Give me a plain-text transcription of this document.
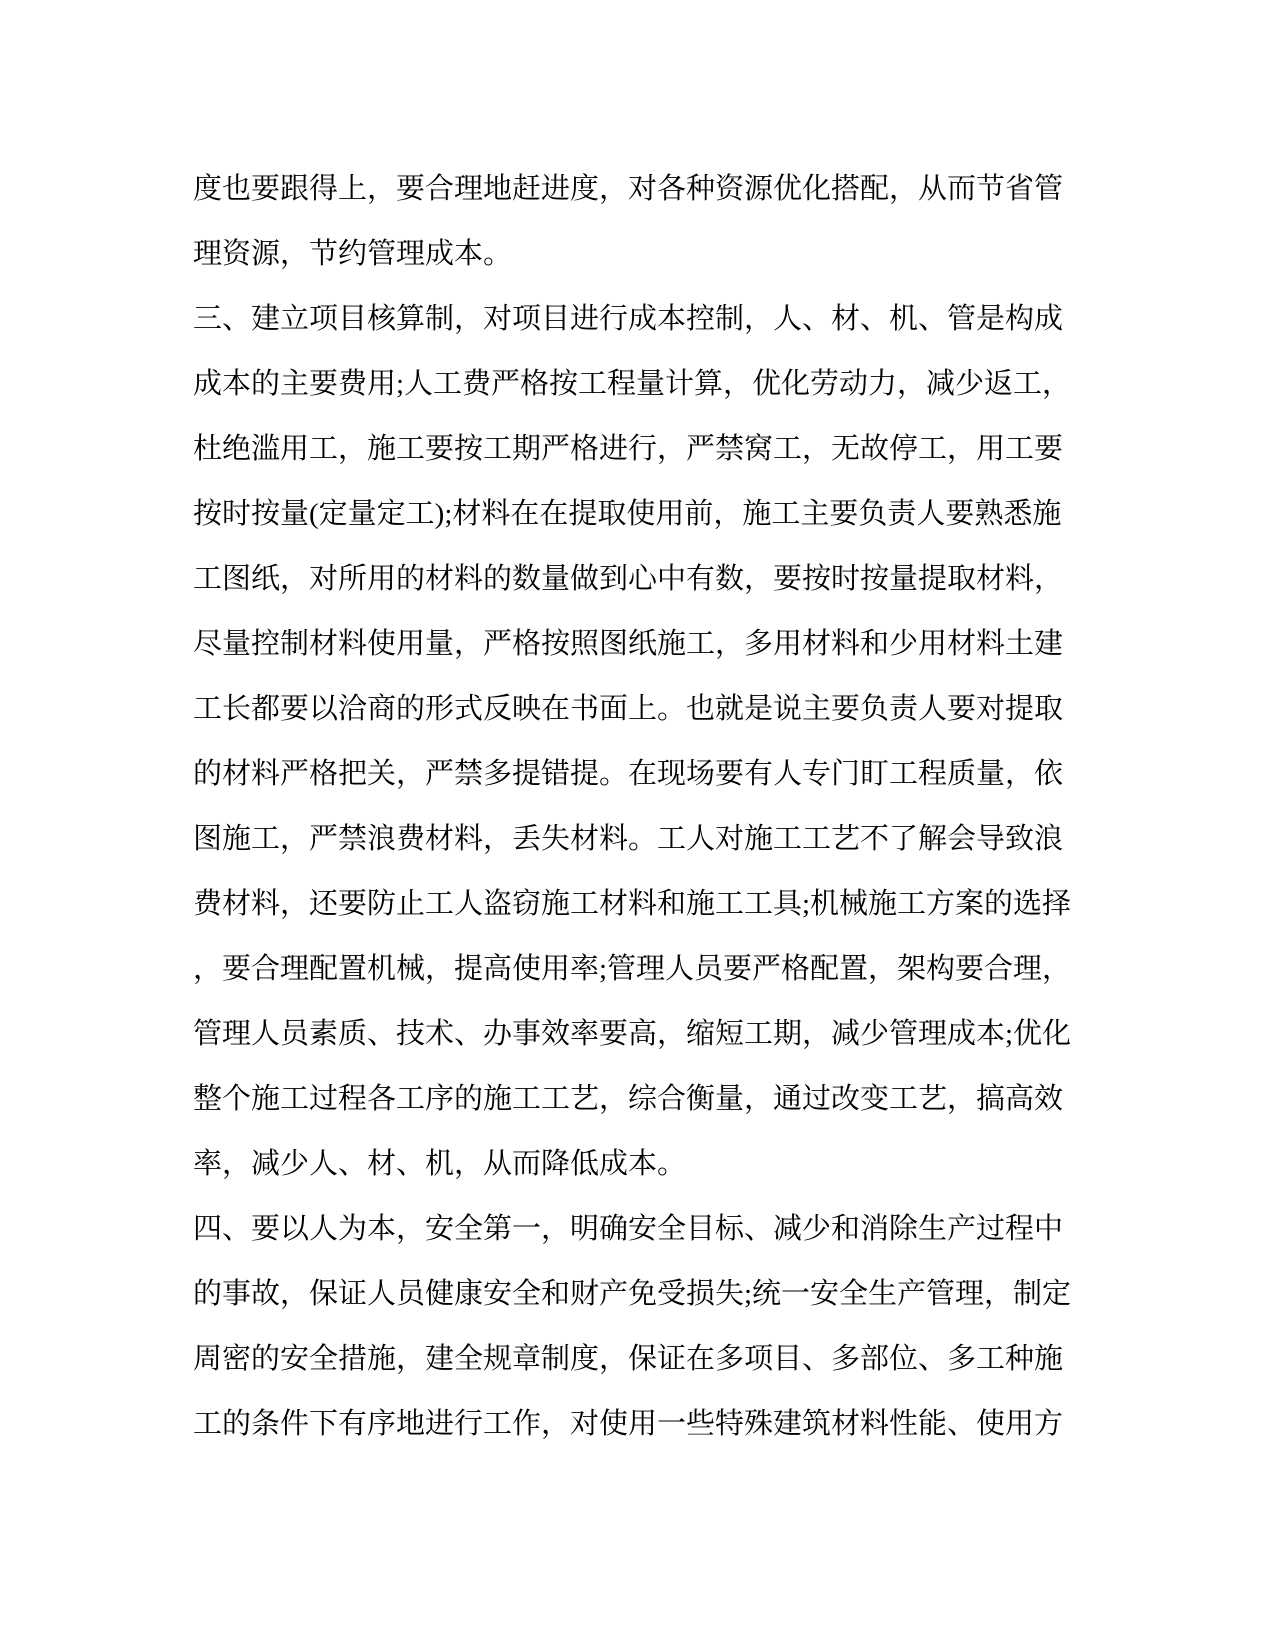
度也要跟得上，要合理地赶进度，对各种资源优化搭配，从而节省管
理资源，节约管理成本。
三、建立项目核算制，对项目进行成本控制，人、材、机、管是构成
成本的主要费用;人工费严格按工程量计算，优化劳动力，减少返工，
杜绝滥用工，施工要按工期严格进行，严禁窝工，无故停工，用工要
按时按量(定量定工);材料在在提取使用前，施工主要负责人要熟悉施
工图纸，对所用的材料的数量做到心中有数，要按时按量提取材料，
尽量控制材料使用量，严格按照图纸施工，多用材料和少用材料土建
工长都要以洽商的形式反映在书面上。也就是说主要负责人要对提取
的材料严格把关，严禁多提错提。在现场要有人专门盯工程质量，依
图施工，严禁浪费材料，丢失材料。工人对施工工艺不了解会导致浪
费材料，还要防止工人盗窃施工材料和施工工具;机械施工方案的选择
，要合理配置机械，提高使用率;管理人员要严格配置，架构要合理，
管理人员素质、技术、办事效率要高，缩短工期，减少管理成本;优化
整个施工过程各工序的施工工艺，综合衡量，通过改变工艺，搞高效
率，减少人、材、机，从而降低成本。
四、要以人为本，安全第一，明确安全目标、减少和消除生产过程中
的事故，保证人员健康安全和财产免受损失;统一安全生产管理，制定
周密的安全措施，建全规章制度，保证在多项目、多部位、多工种施
工的条件下有序地进行工作，对使用一些特殊建筑材料性能、使用方
